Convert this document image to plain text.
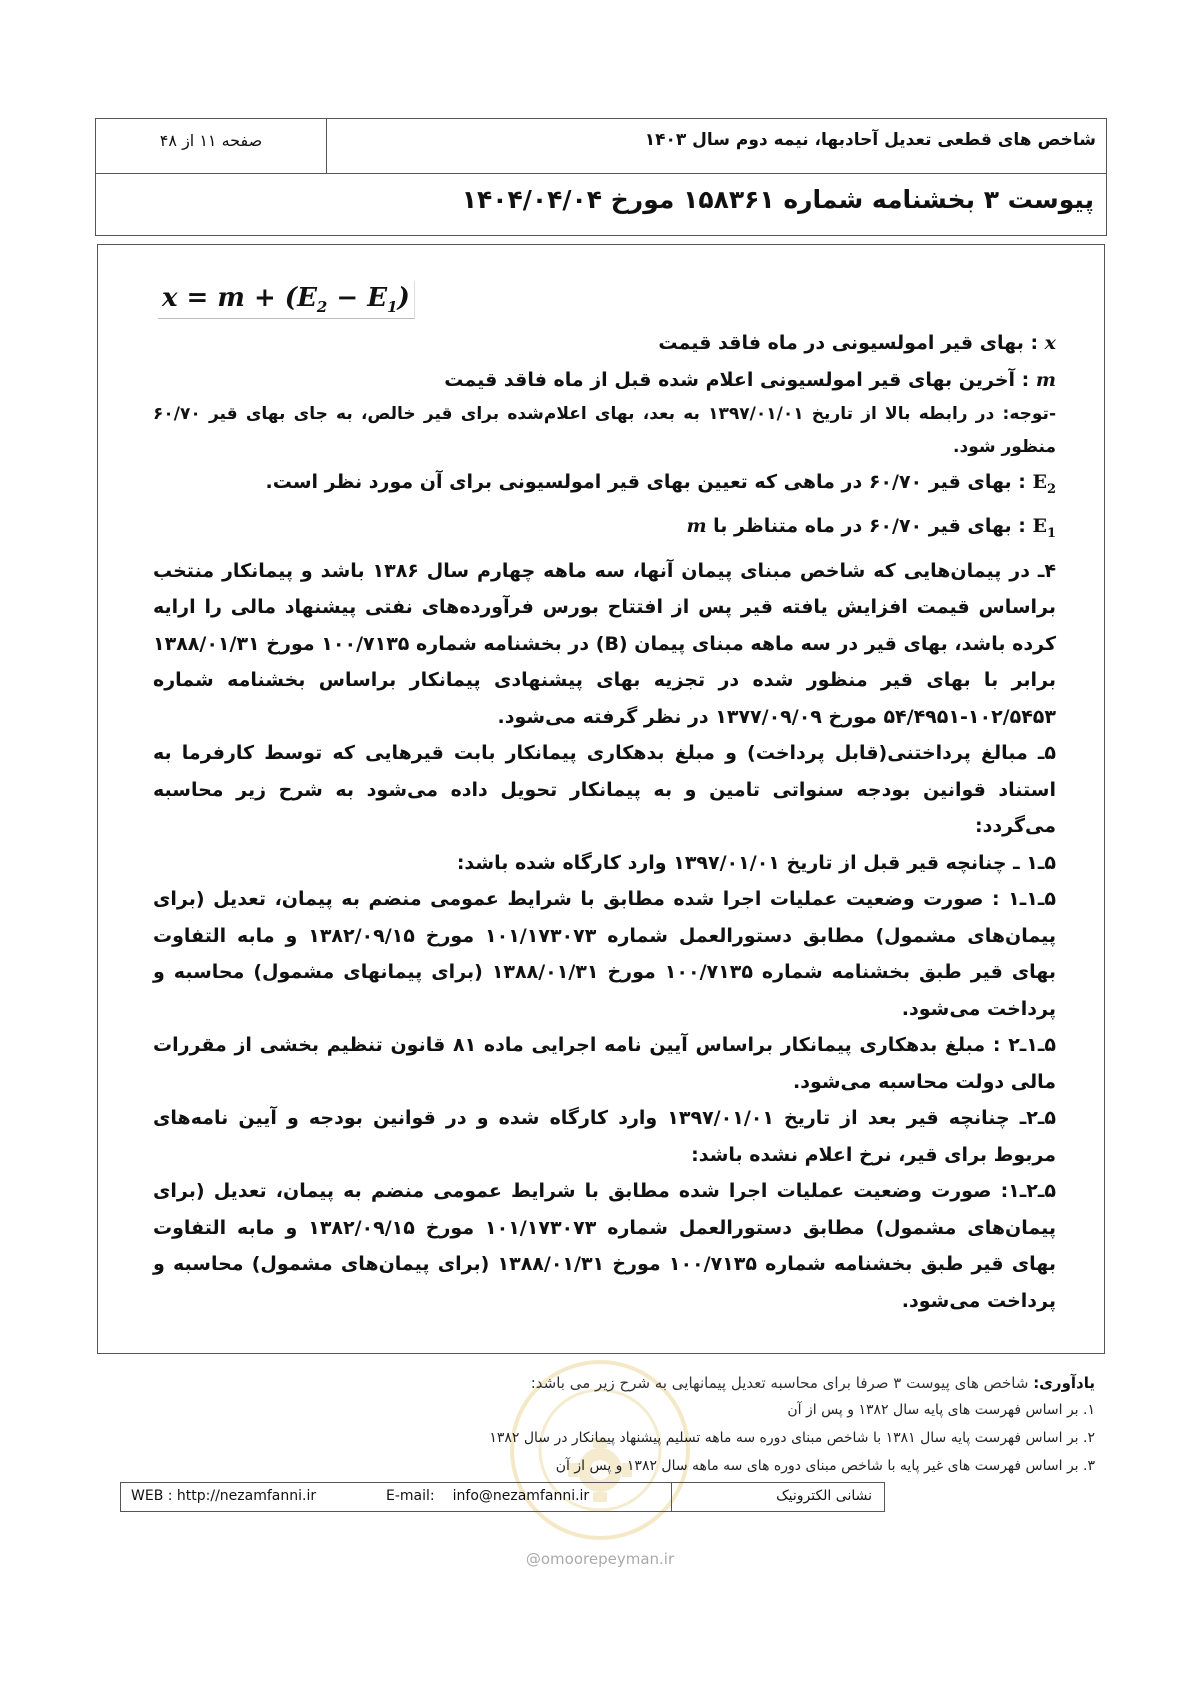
شاخص های قطعی تعدیل آحادبها، نیمه دوم سال ۱۴۰۳
صفحه ۱۱ از ۴۸
پیوست ۳ بخشنامه شماره ۱۵۸۳۶۱ مورخ ۱۴۰۴/۰۴/۰۴
$x = m + (E_2 - E_1)$

x : بهای قیر امولسیونی در ماه فاقد قیمت

m : آخرین بهای قیر امولسیونی اعلام شده قبل از ماه فاقد قیمت

-توجه: در رابطه بالا از تاریخ ۱۳۹۷/۰۱/۰۱ به بعد، بهای اعلام‌شده برای قیر خالص، به جای بهای قیر ۶۰/۷۰ منظور شود.

$E_2$ : بهای قیر ۶۰/۷۰ در ماهی که تعیین بهای قیر امولسیونی برای آن مورد نظر است.

$E_1$ : بهای قیر ۶۰/۷۰ در ماه متناظر با m

۴ـ در پیمان‌هایی که شاخص مبنای پیمان آنها، سه ماهه چهارم سال ۱۳۸۶ باشد و پیمانکار منتخب براساس قیمت افزایش یافته قیر پس از افتتاح بورس فرآورده‌های نفتی پیشنهاد مالی را ارایه کرده باشد، بهای قیر در سه ماهه مبنای پیمان (B) در بخشنامه شماره ۱۰۰/۷۱۳۵ مورخ ۱۳۸۸/۰۱/۳۱ برابر با بهای قیر منظور شده در تجزیه بهای پیشنهادی پیمانکار براساس بخشنامه شماره ۱۰۲/۵۴۵۳-۵۴/۴۹۵۱ مورخ ۱۳۷۷/۰۹/۰۹ در نظر گرفته می‌شود.

۵ـ مبالغ پرداختنی(قابل پرداخت) و مبلغ بدهکاری پیمانکار بابت قیرهایی که توسط کارفرما به استناد قوانین بودجه سنواتی تامین و به پیمانکار تحویل داده می‌شود به شرح زیر محاسبه می‌گردد:

۵ـ۱ ـ چنانچه قیر قبل از تاریخ ۱۳۹۷/۰۱/۰۱ وارد کارگاه شده باشد:

۵ـ۱ـ۱ : صورت وضعیت عملیات اجرا شده مطابق با شرایط عمومی منضم به پیمان، تعدیل (برای پیمان‌های مشمول) مطابق دستورالعمل شماره ۱۰۱/۱۷۳۰۷۳ مورخ ۱۳۸۲/۰۹/۱۵ و مابه التفاوت بهای قیر طبق بخشنامه شماره ۱۰۰/۷۱۳۵ مورخ ۱۳۸۸/۰۱/۳۱ (برای پیمانهای مشمول) محاسبه و پرداخت می‌شود.

۵ـ۱ـ۲ : مبلغ بدهکاری پیمانکار براساس آیین نامه اجرایی ماده ۸۱ قانون تنظیم بخشی از مقررات مالی دولت محاسبه می‌شود.

۵ـ۲ـ چنانچه قیر بعد از تاریخ ۱۳۹۷/۰۱/۰۱ وارد کارگاه شده و در قوانین بودجه و آیین نامه‌های مربوط برای قیر، نرخ اعلام نشده باشد:

۵ـ۲ـ۱: صورت وضعیت عملیات اجرا شده مطابق با شرایط عمومی منضم به پیمان، تعدیل (برای پیمان‌های مشمول) مطابق دستورالعمل شماره ۱۰۱/۱۷۳۰۷۳ مورخ ۱۳۸۲/۰۹/۱۵ و مابه التفاوت بهای قیر طبق بخشنامه شماره ۱۰۰/۷۱۳۵ مورخ ۱۳۸۸/۰۱/۳۱ (برای پیمان‌های مشمول) محاسبه و پرداخت می‌شود.

یادآوری: شاخص های پیوست ۳ صرفا برای محاسبه تعدیل پیمانهایی به شرح زیر می باشد:
۱. بر اساس فهرست های پایه سال ۱۳۸۲ و پس از آن
۲. بر اساس فهرست پایه سال ۱۳۸۱ با شاخص مبنای دوره سه ماهه تسلیم پیشنهاد پیمانکار در سال ۱۳۸۲
۳. بر اساس فهرست های غیر پایه با شاخص مبنای دوره های سه ماهه سال ۱۳۸۲ و پس از آن
WEB : http://nezamfanni.ir	E-mail: info@nezamfanni.ir	نشانی الکترونیک
@omoorepeyman.ir
